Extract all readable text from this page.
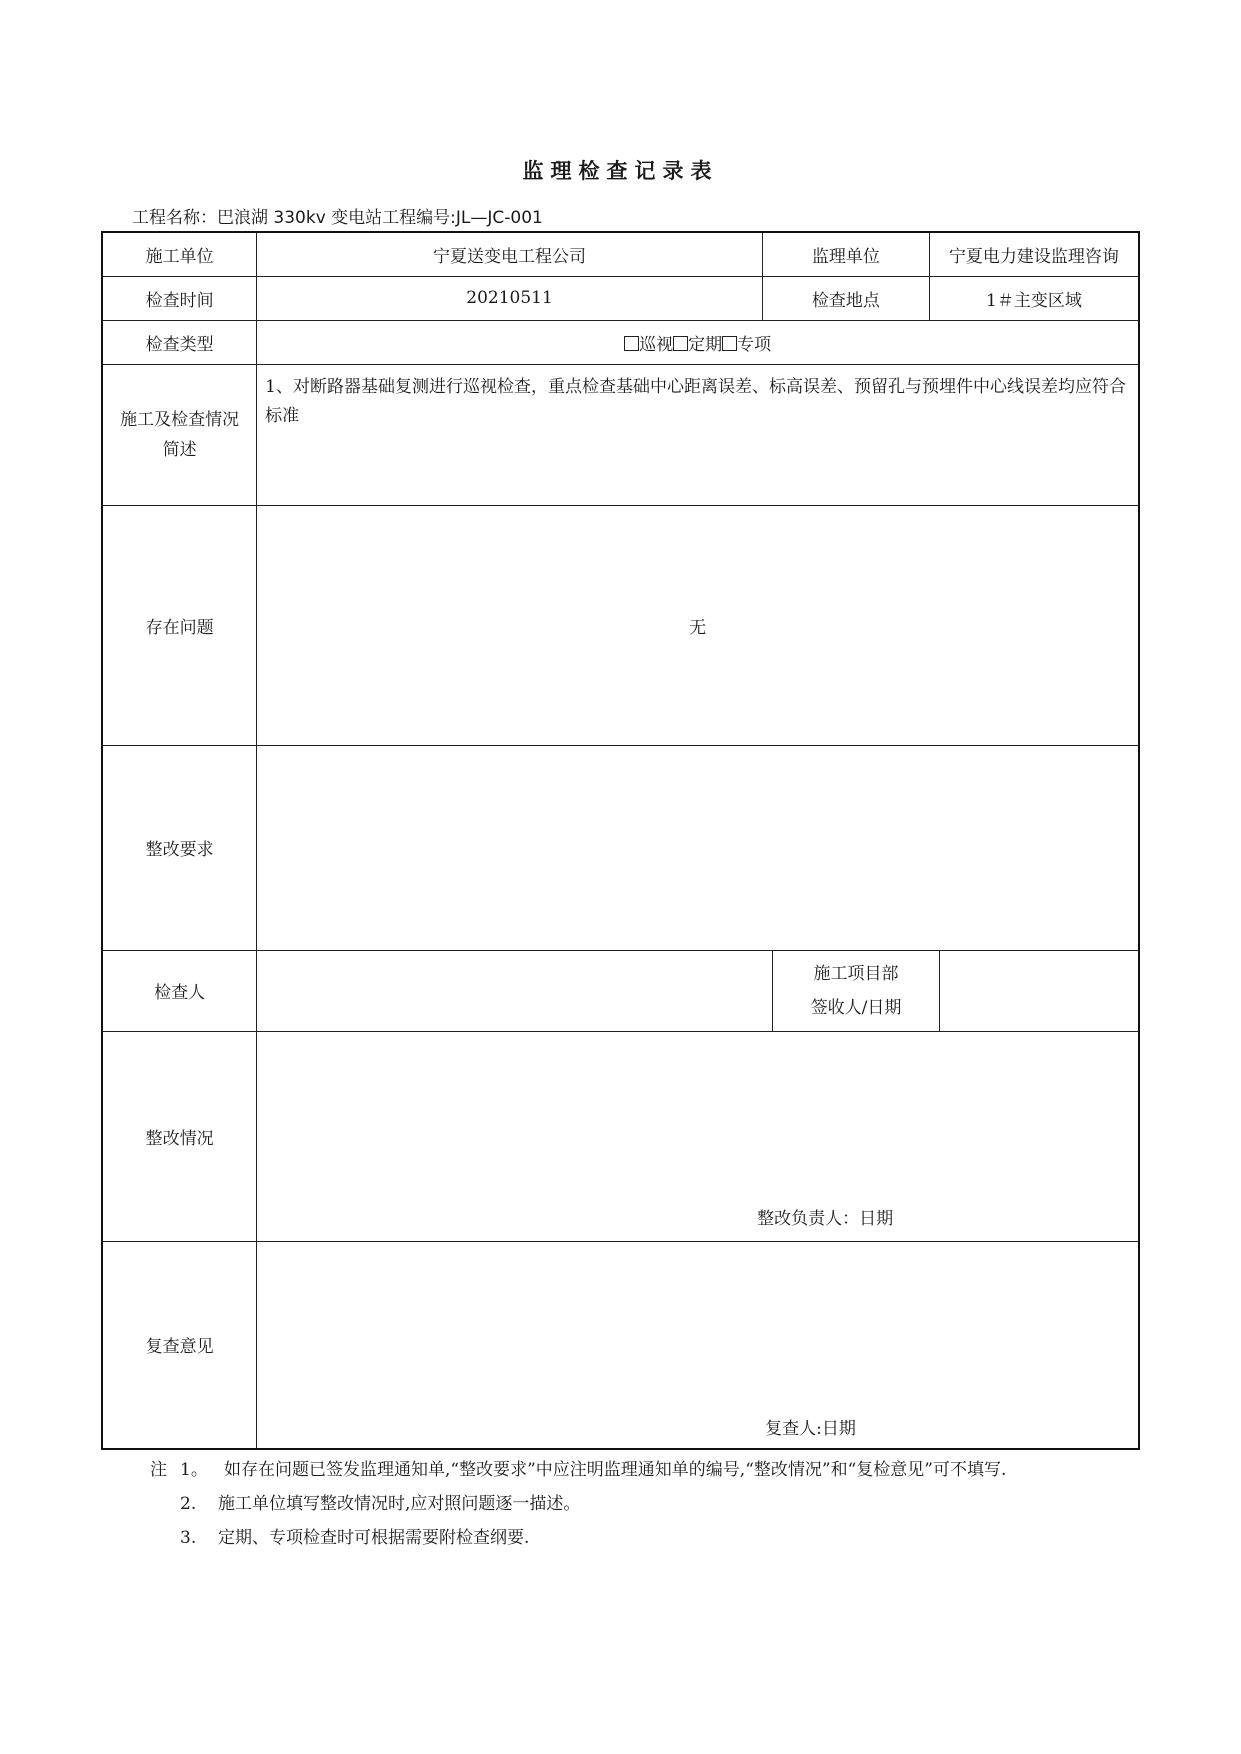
监理检查记录表
工程名称：巴浪湖 330kv 变电站工程编号:JL—JC-001
施工单位	宁夏送变电工程公司	监理单位		宁夏电力建设监理咨询	
检查时间	20210511	检查地点		1＃主变区域	
检查类型	巡视 定期 专项				
施工及检查情况简述	1、对断路器基础复测进行巡视检查，重点检查基础中心距离误差、标高误差、预留孔与预埋件中心线误差均应符合标准				
存在问题	无				
整改要求					
检查人			施工项目部
签收人/日期		

整改情况	整改负责人：日期				

复查意见	复查人:日期				
注 1。 如存在问题已签发监理通知单,“整改要求”中应注明监理通知单的编号,“整改情况”和“复检意见”可不填写.
2.	施工单位填写整改情况时,应对照问题逐一描述。
3.	定期、专项检查时可根据需要附检查纲要.
